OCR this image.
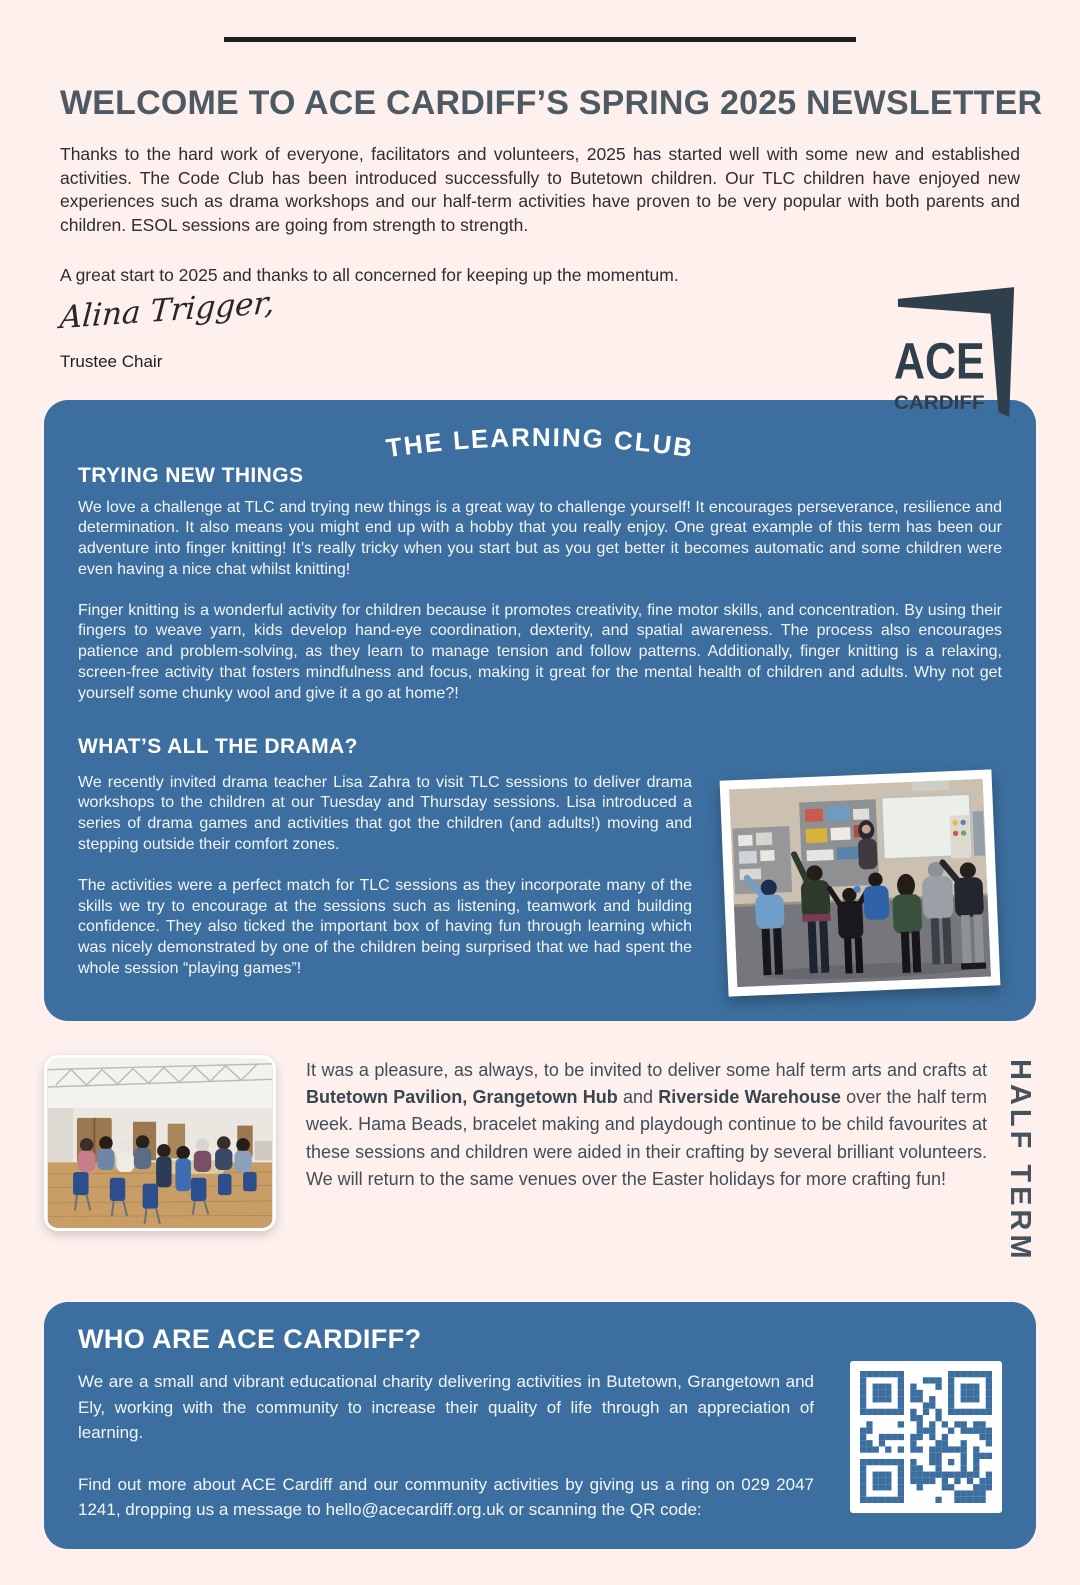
WELCOME TO ACE CARDIFF’S SPRING 2025 NEWSLETTER

Thanks to the hard work of everyone, facilitators and volunteers, 2025 has started well with some new and established activities. The Code Club has been introduced successfully to Butetown children. Our TLC children have enjoyed new experiences such as drama workshops and our half-term activities have proven to be very popular with both parents and children. ESOL sessions are going from strength to strength.

A great start to 2025 and thanks to all concerned for keeping up the momentum.

Alina Trigger,
Trustee Chair	ACE
CARDIFF
THE LEARNING CLUB
TRYING NEW THINGS

We love a challenge at TLC and trying new things is a great way to challenge yourself! It encourages perseverance, resilience and determination. It also means you might end up with a hobby that you really enjoy. One great example of this term has been our adventure into finger knitting! It’s really tricky when you start but as you get better it becomes automatic and some children were even having a nice chat whilst knitting!

Finger knitting is a wonderful activity for children because it promotes creativity, fine motor skills, and concentration. By using their fingers to weave yarn, kids develop hand-eye coordination, dexterity, and spatial awareness. The process also encourages patience and problem-solving, as they learn to manage tension and follow patterns. Additionally, finger knitting is a relaxing, screen-free activity that fosters mindfulness and focus, making it great for the mental health of children and adults. Why not get yourself some chunky wool and give it a go at home?!

WHAT’S ALL THE DRAMA?

We recently invited drama teacher Lisa Zahra to visit TLC sessions to deliver drama workshops to the children at our Tuesday and Thursday sessions. Lisa introduced a series of drama games and activities that got the children (and adults!) moving and stepping outside their comfort zones.

The activities were a perfect match for TLC sessions as they incorporate many of the skills we try to encourage at the sessions such as listening, teamwork and building confidence. They also ticked the important box of having fun through learning which was nicely demonstrated by one of the children being surprised that we had spent the whole session “playing games”!

It was a pleasure, as always, to be invited to deliver some half term arts and crafts at Butetown Pavilion, Grangetown Hub and Riverside Warehouse over the half term week. Hama Beads, bracelet making and playdough continue to be child favourites at these sessions and children were aided in their crafting by several brilliant volunteers. We will return to the same venues over the Easter holidays for more crafting fun!	HALF TERM
WHO ARE ACE CARDIFF?

We are a small and vibrant educational charity delivering activities in Butetown, Grangetown and Ely, working with the community to increase their quality of life through an appreciation of learning.

Find out more about ACE Cardiff and our community activities by giving us a ring on 029 2047 1241, dropping us a message to hello@acecardiff.org.uk or scanning the QR code:
